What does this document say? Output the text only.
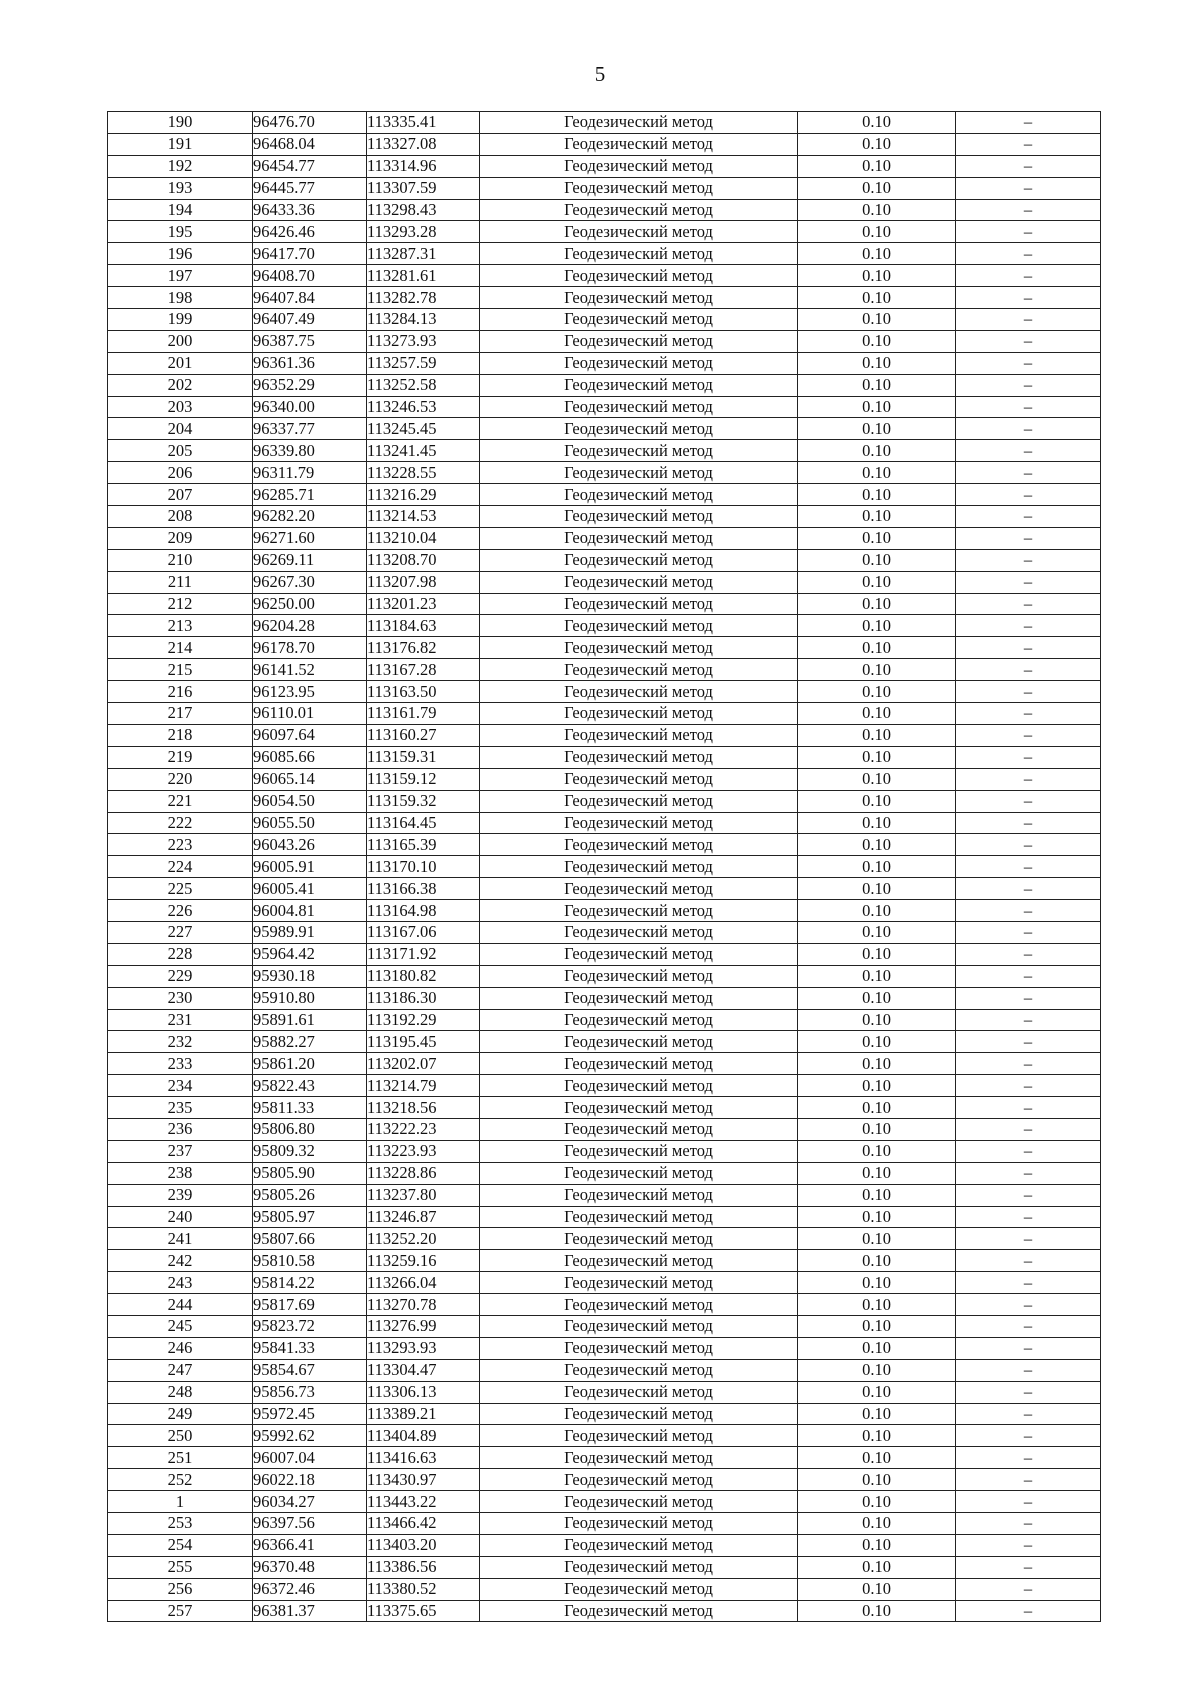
5
190	96476.70	113335.41	Геодезический метод	0.10	–
191	96468.04	113327.08	Геодезический метод	0.10	–
192	96454.77	113314.96	Геодезический метод	0.10	–
193	96445.77	113307.59	Геодезический метод	0.10	–
194	96433.36	113298.43	Геодезический метод	0.10	–
195	96426.46	113293.28	Геодезический метод	0.10	–
196	96417.70	113287.31	Геодезический метод	0.10	–
197	96408.70	113281.61	Геодезический метод	0.10	–
198	96407.84	113282.78	Геодезический метод	0.10	–
199	96407.49	113284.13	Геодезический метод	0.10	–
200	96387.75	113273.93	Геодезический метод	0.10	–
201	96361.36	113257.59	Геодезический метод	0.10	–
202	96352.29	113252.58	Геодезический метод	0.10	–
203	96340.00	113246.53	Геодезический метод	0.10	–
204	96337.77	113245.45	Геодезический метод	0.10	–
205	96339.80	113241.45	Геодезический метод	0.10	–
206	96311.79	113228.55	Геодезический метод	0.10	–
207	96285.71	113216.29	Геодезический метод	0.10	–
208	96282.20	113214.53	Геодезический метод	0.10	–
209	96271.60	113210.04	Геодезический метод	0.10	–
210	96269.11	113208.70	Геодезический метод	0.10	–
211	96267.30	113207.98	Геодезический метод	0.10	–
212	96250.00	113201.23	Геодезический метод	0.10	–
213	96204.28	113184.63	Геодезический метод	0.10	–
214	96178.70	113176.82	Геодезический метод	0.10	–
215	96141.52	113167.28	Геодезический метод	0.10	–
216	96123.95	113163.50	Геодезический метод	0.10	–
217	96110.01	113161.79	Геодезический метод	0.10	–
218	96097.64	113160.27	Геодезический метод	0.10	–
219	96085.66	113159.31	Геодезический метод	0.10	–
220	96065.14	113159.12	Геодезический метод	0.10	–
221	96054.50	113159.32	Геодезический метод	0.10	–
222	96055.50	113164.45	Геодезический метод	0.10	–
223	96043.26	113165.39	Геодезический метод	0.10	–
224	96005.91	113170.10	Геодезический метод	0.10	–
225	96005.41	113166.38	Геодезический метод	0.10	–
226	96004.81	113164.98	Геодезический метод	0.10	–
227	95989.91	113167.06	Геодезический метод	0.10	–
228	95964.42	113171.92	Геодезический метод	0.10	–
229	95930.18	113180.82	Геодезический метод	0.10	–
230	95910.80	113186.30	Геодезический метод	0.10	–
231	95891.61	113192.29	Геодезический метод	0.10	–
232	95882.27	113195.45	Геодезический метод	0.10	–
233	95861.20	113202.07	Геодезический метод	0.10	–
234	95822.43	113214.79	Геодезический метод	0.10	–
235	95811.33	113218.56	Геодезический метод	0.10	–
236	95806.80	113222.23	Геодезический метод	0.10	–
237	95809.32	113223.93	Геодезический метод	0.10	–
238	95805.90	113228.86	Геодезический метод	0.10	–
239	95805.26	113237.80	Геодезический метод	0.10	–
240	95805.97	113246.87	Геодезический метод	0.10	–
241	95807.66	113252.20	Геодезический метод	0.10	–
242	95810.58	113259.16	Геодезический метод	0.10	–
243	95814.22	113266.04	Геодезический метод	0.10	–
244	95817.69	113270.78	Геодезический метод	0.10	–
245	95823.72	113276.99	Геодезический метод	0.10	–
246	95841.33	113293.93	Геодезический метод	0.10	–
247	95854.67	113304.47	Геодезический метод	0.10	–
248	95856.73	113306.13	Геодезический метод	0.10	–
249	95972.45	113389.21	Геодезический метод	0.10	–
250	95992.62	113404.89	Геодезический метод	0.10	–
251	96007.04	113416.63	Геодезический метод	0.10	–
252	96022.18	113430.97	Геодезический метод	0.10	–
1	96034.27	113443.22	Геодезический метод	0.10	–
253	96397.56	113466.42	Геодезический метод	0.10	–
254	96366.41	113403.20	Геодезический метод	0.10	–
255	96370.48	113386.56	Геодезический метод	0.10	–
256	96372.46	113380.52	Геодезический метод	0.10	–
257	96381.37	113375.65	Геодезический метод	0.10	–
